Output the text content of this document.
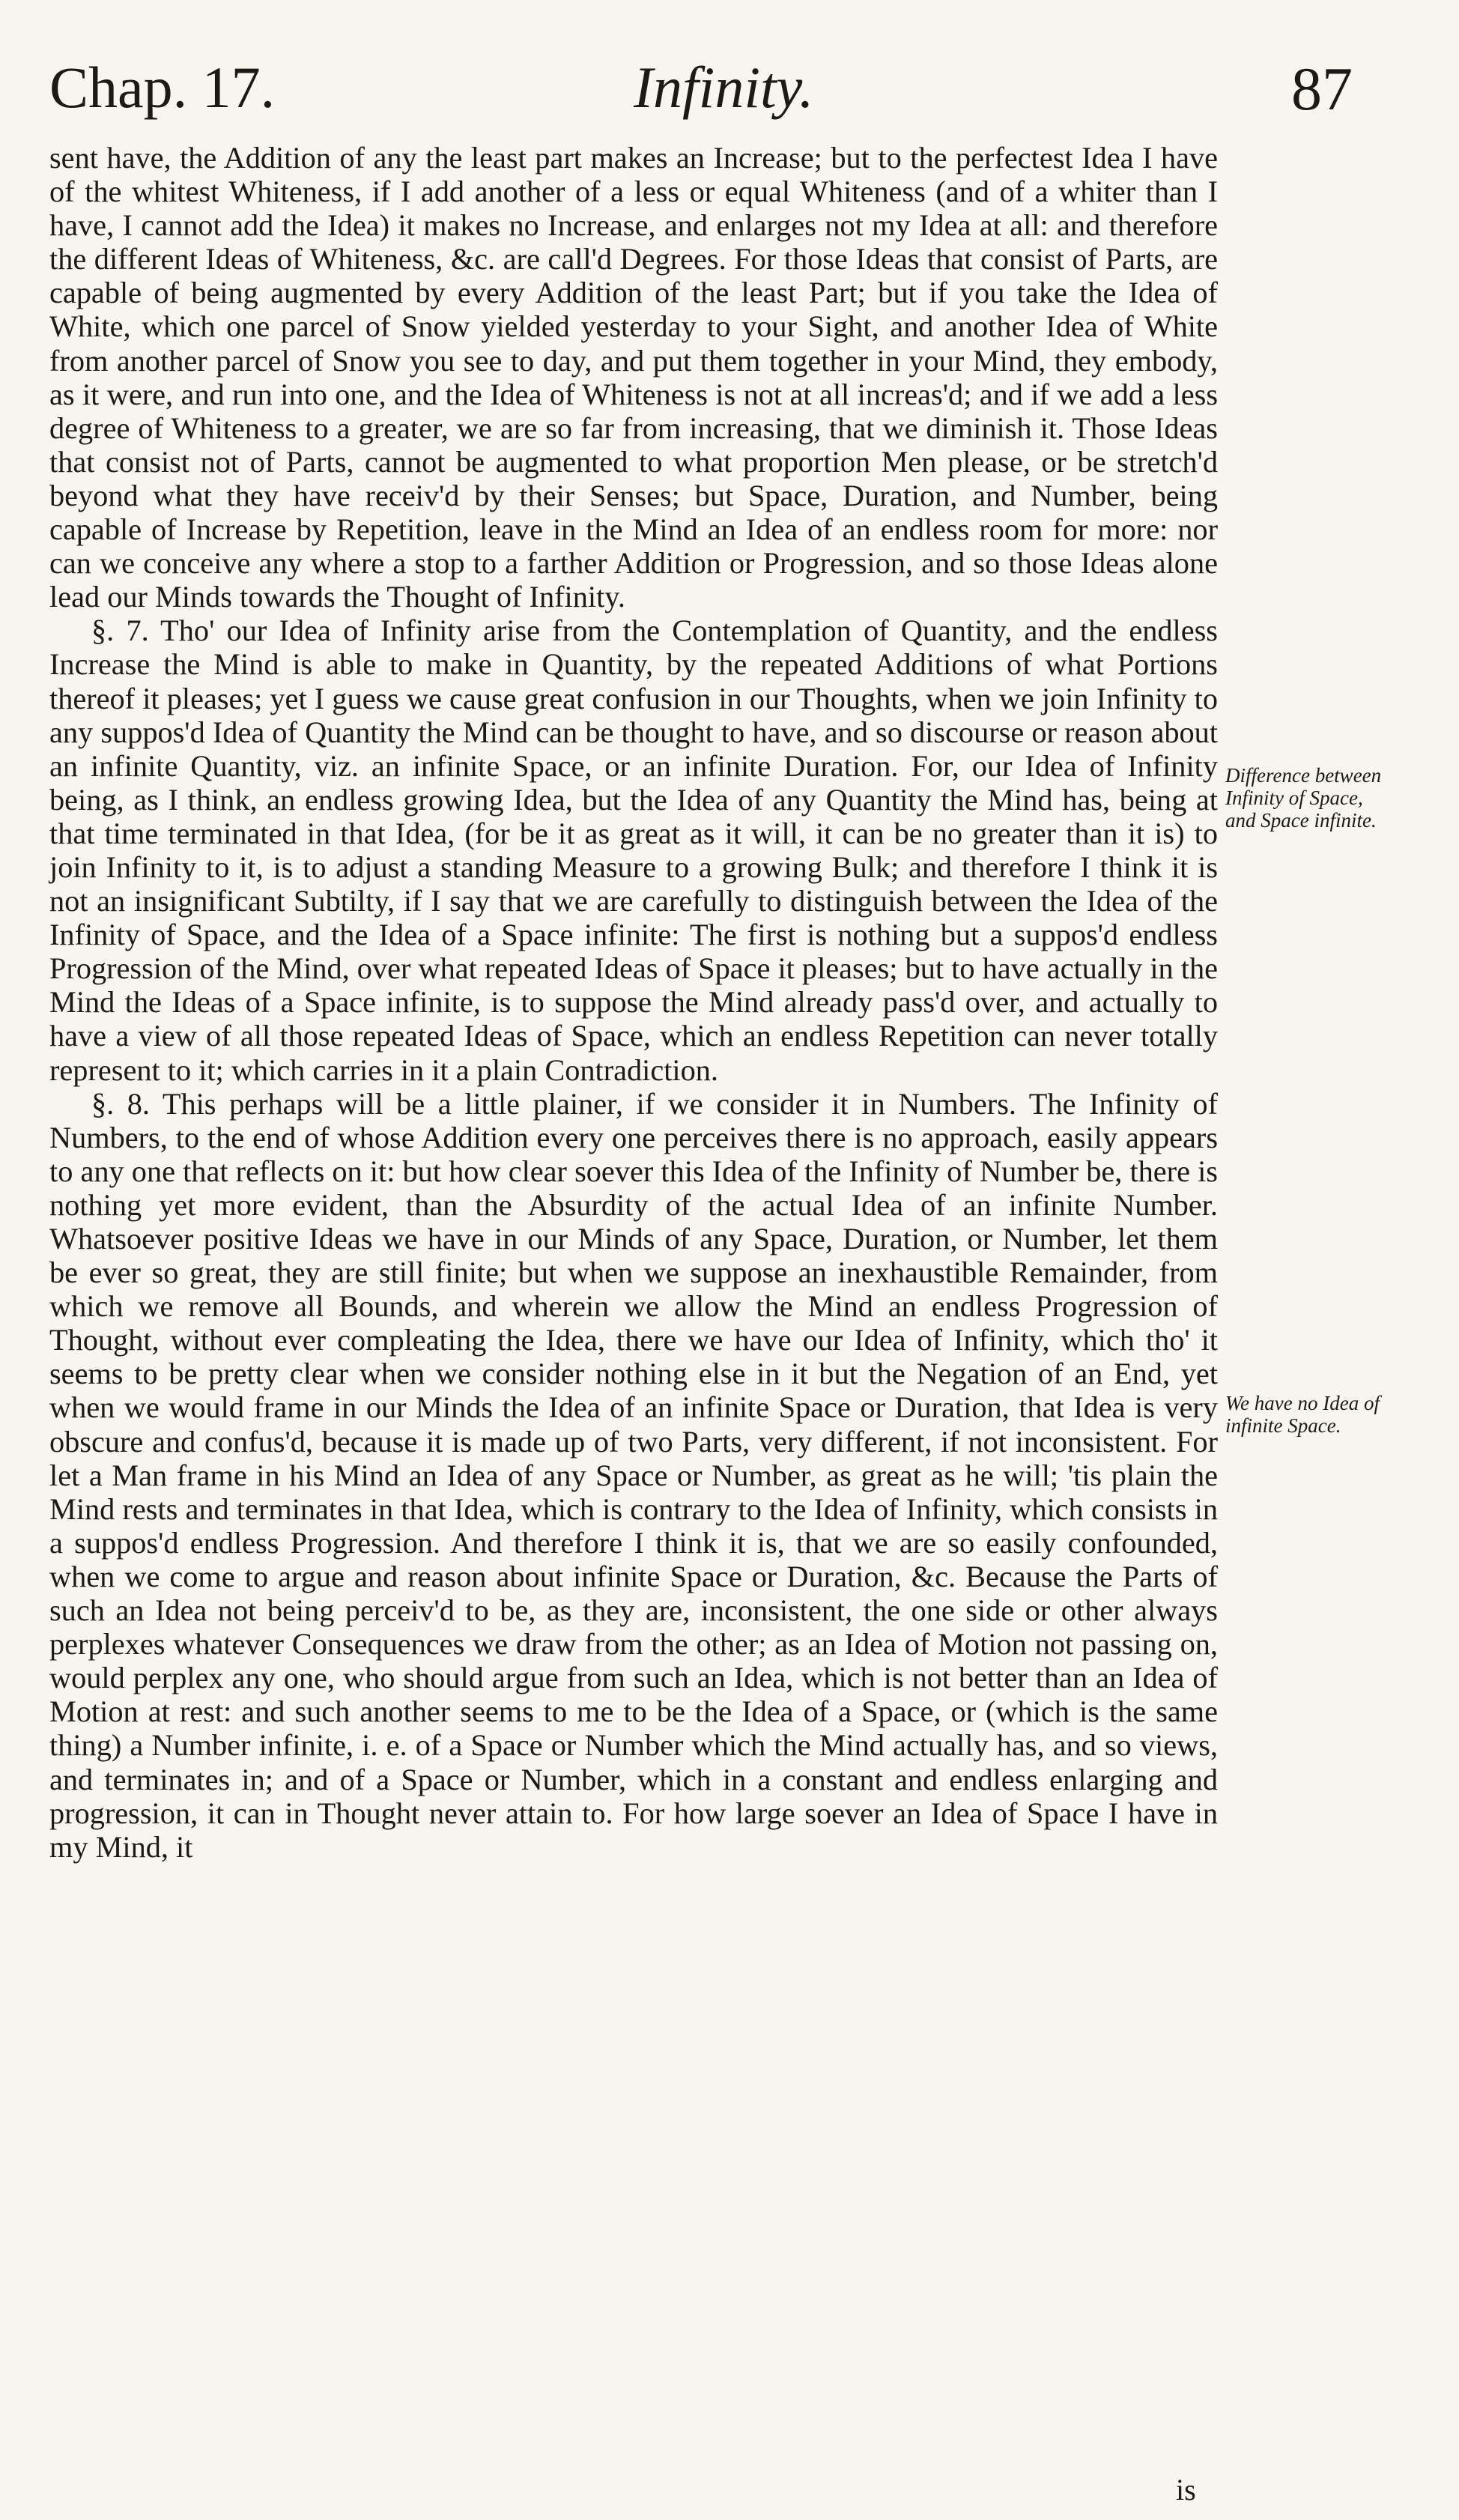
Chap. 17.	Infinity.	87

sent have, the Addition of any the least part makes an Increase; but to the perfectest Idea I have of the whitest Whiteness, if I add another of a less or equal Whiteness (and of a whiter than I have, I cannot add the Idea) it makes no Increase, and enlarges not my Idea at all: and therefore the different Ideas of Whiteness, &c. are call'd Degrees. For those Ideas that consist of Parts, are capable of being augmented by every Addition of the least Part; but if you take the Idea of White, which one parcel of Snow yielded yesterday to your Sight, and another Idea of White from another parcel of Snow you see to day, and put them together in your Mind, they embody, as it were, and run into one, and the Idea of Whiteness is not at all increas'd; and if we add a less degree of Whiteness to a greater, we are so far from increasing, that we diminish it. Those Ideas that consist not of Parts, cannot be augmented to what proportion Men please, or be stretch'd beyond what they have receiv'd by their Senses; but Space, Duration, and Number, being capable of Increase by Repetition, leave in the Mind an Idea of an endless room for more: nor can we conceive any where a stop to a farther Addition or Progression, and so those Ideas alone lead our Minds towards the Thought of Infinity.

§. 7. Tho' our Idea of Infinity arise from the Contemplation of Quantity, and the endless Increase the Mind is able to make in Quantity, by the repeated Additions of what Portions thereof it pleases; yet I guess we cause great confusion in our Thoughts, when we join Infinity to any suppos'd Idea of Quantity the Mind can be thought to have, and so discourse or reason about an infinite Quantity, viz. an infinite Space, or an infinite Duration. For, our Idea of Infinity being, as I think, an endless growing Idea, but the Idea of any Quantity the Mind has, being at that time terminated in that Idea, (for be it as great as it will, it can be no greater than it is) to join Infinity to it, is to adjust a standing Measure to a growing Bulk; and therefore I think it is not an insignificant Subtilty, if I say that we are carefully to distinguish between the Idea of the Infinity of Space, and the Idea of a Space infinite: The first is nothing but a suppos'd endless Progression of the Mind, over what repeated Ideas of Space it pleases; but to have actually in the Mind the Ideas of a Space infinite, is to suppose the Mind already pass'd over, and actually to have a view of all those repeated Ideas of Space, which an endless Repetition can never totally represent to it; which carries in it a plain Contradiction.

§. 8. This perhaps will be a little plainer, if we consider it in Numbers. The Infinity of Numbers, to the end of whose Addition every one perceives there is no approach, easily appears to any one that reflects on it: but how clear soever this Idea of the Infinity of Number be, there is nothing yet more evident, than the Absurdity of the actual Idea of an infinite Number. Whatsoever positive Ideas we have in our Minds of any Space, Duration, or Number, let them be ever so great, they are still finite; but when we suppose an inexhaustible Remainder, from which we remove all Bounds, and wherein we allow the Mind an endless Progression of Thought, without ever compleating the Idea, there we have our Idea of Infinity, which tho' it seems to be pretty clear when we consider nothing else in it but the Negation of an End, yet when we would frame in our Minds the Idea of an infinite Space or Duration, that Idea is very obscure and confus'd, because it is made up of two Parts, very different, if not inconsistent. For let a Man frame in his Mind an Idea of any Space or Number, as great as he will; 'tis plain the Mind rests and terminates in that Idea, which is contrary to the Idea of Infinity, which consists in a suppos'd endless Progression. And therefore I think it is, that we are so easily confounded, when we come to argue and reason about infinite Space or Duration, &c. Because the Parts of such an Idea not being perceiv'd to be, as they are, inconsistent, the one side or other always perplexes whatever Consequences we draw from the other; as an Idea of Motion not passing on, would perplex any one, who should argue from such an Idea, which is not better than an Idea of Motion at rest: and such another seems to me to be the Idea of a Space, or (which is the same thing) a Number infinite, i. e. of a Space or Number which the Mind actually has, and so views, and terminates in; and of a Space or Number, which in a constant and endless enlarging and progression, it can in Thought never attain to. For how large soever an Idea of Space I have in my Mind, it

is
Difference between Infinity of Space, and Space infinite.
We have no Idea of infinite Space.
